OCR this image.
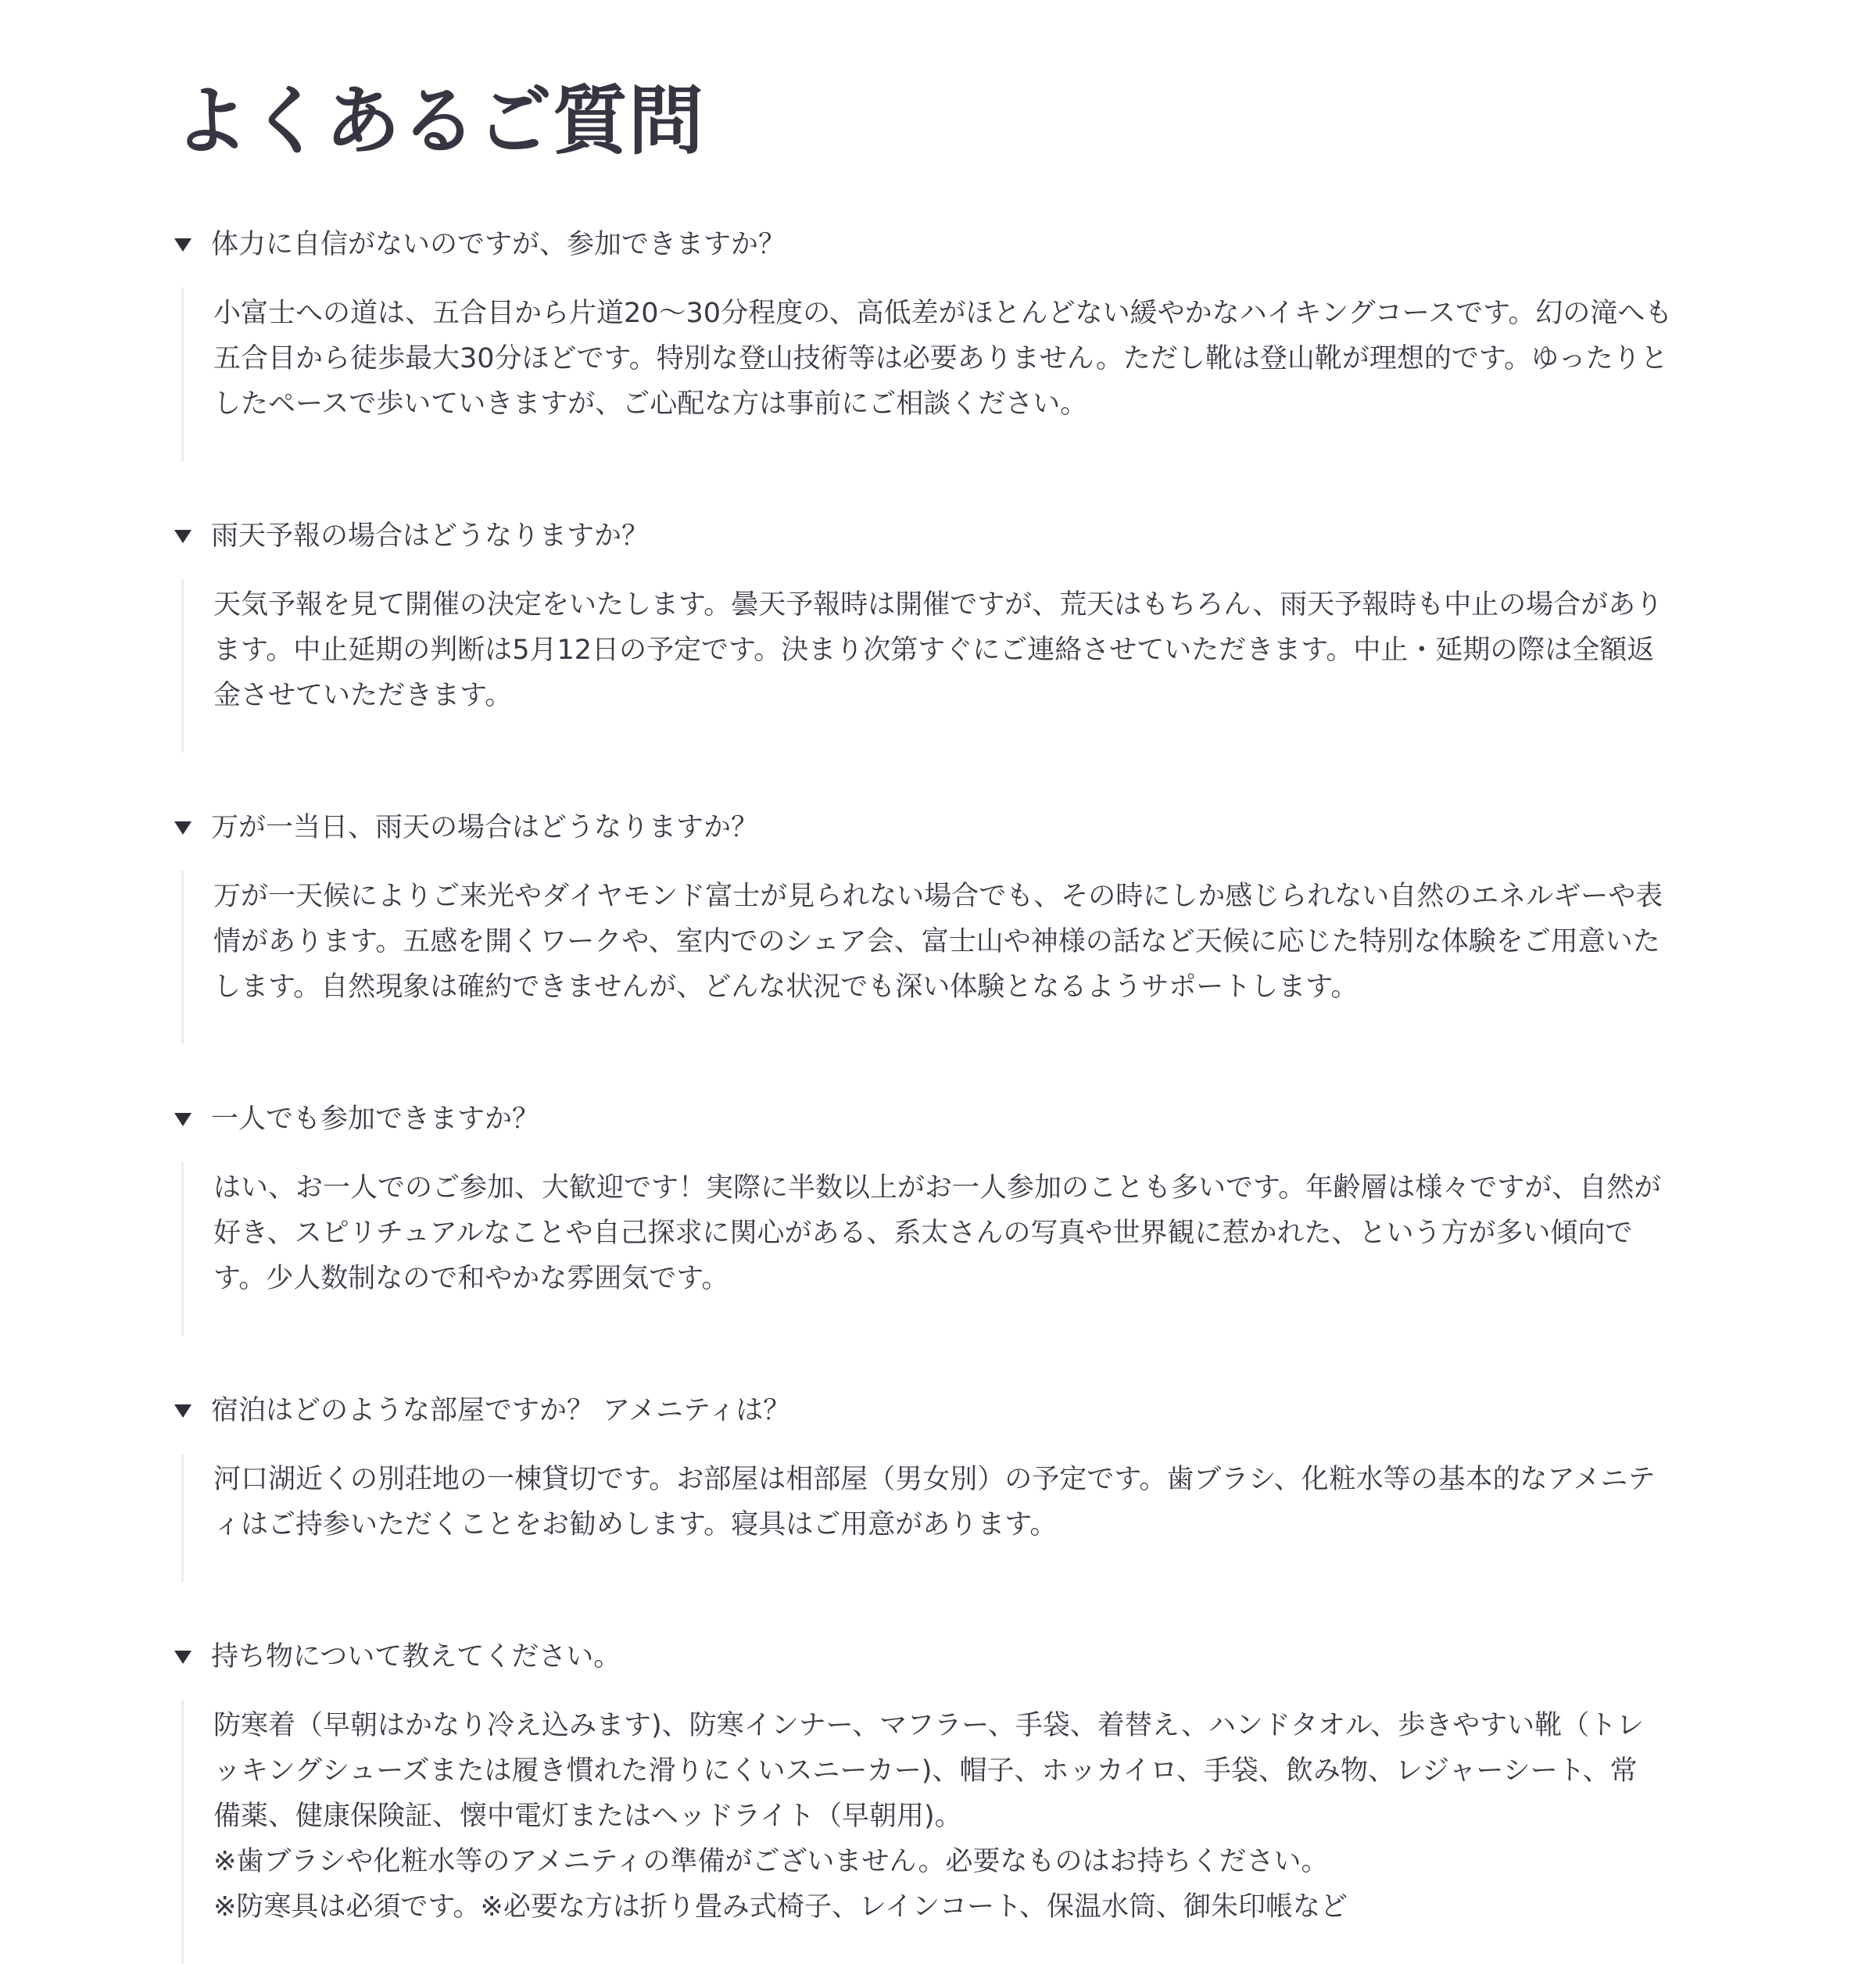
よくあるご質問
体力に自信がないのですが、参加できますか？
小富士への道は、五合目から片道20〜30分程度の、高低差がほとんどない緩やかなハイキングコースです。幻の滝へも
五合目から徒歩最大30分ほどです。特別な登山技術等は必要ありません。ただし靴は登山靴が理想的です。ゆったりと
したペースで歩いていきますが、ご心配な方は事前にご相談ください。
雨天予報の場合はどうなりますか？
天気予報を見て開催の決定をいたします。曇天予報時は開催ですが、荒天はもちろん、雨天予報時も中止の場合があり
ます。中止延期の判断は5月12日の予定です。決まり次第すぐにご連絡させていただきます。中止・延期の際は全額返
金させていただきます。
万が一当日、雨天の場合はどうなりますか？
万が一天候によりご来光やダイヤモンド富士が見られない場合でも、その時にしか感じられない自然のエネルギーや表
情があります。五感を開くワークや、室内でのシェア会、富士山や神様の話など天候に応じた特別な体験をご用意いた
します。自然現象は確約できませんが、どんな状況でも深い体験となるようサポートします。
一人でも参加できますか？
はい、お一人でのご参加、大歓迎です！実際に半数以上がお一人参加のことも多いです。年齢層は様々ですが、自然が
好き、スピリチュアルなことや自己探求に関心がある、系太さんの写真や世界観に惹かれた、という方が多い傾向で
す。少人数制なので和やかな雰囲気です。
宿泊はどのような部屋ですか？ アメニティは？
河口湖近くの別荘地の一棟貸切です。お部屋は相部屋（男女別）の予定です。歯ブラシ、化粧水等の基本的なアメニテ
ィはご持参いただくことをお勧めします。寝具はご用意があります。
持ち物について教えてください。
防寒着（早朝はかなり冷え込みます)、防寒インナー、マフラー、手袋、着替え、ハンドタオル、歩きやすい靴（トレ
ッキングシューズまたは履き慣れた滑りにくいスニーカー)、帽子、ホッカイロ、手袋、飲み物、レジャーシート、常
備薬、健康保険証、懐中電灯またはヘッドライト（早朝用)。
※歯ブラシや化粧水等のアメニティの準備がございません。必要なものはお持ちください。
※防寒具は必須です。※必要な方は折り畳み式椅子、レインコート、保温水筒、御朱印帳など
